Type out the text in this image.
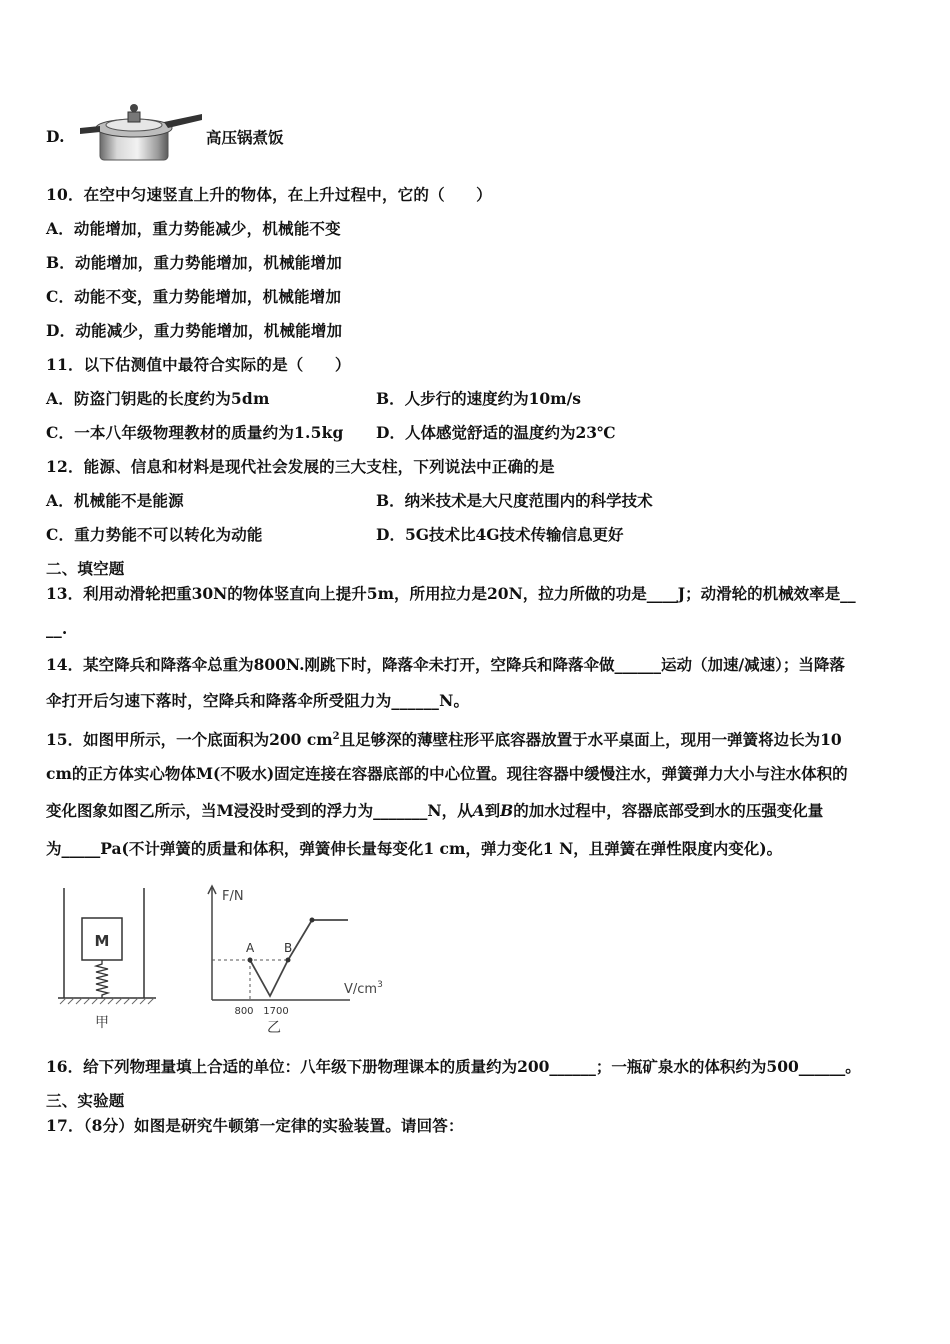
D.	高压锅煮饭
10．在空中匀速竖直上升的物体，在上升过程中，它的（　　）
A．动能增加，重力势能减少，机械能不变
B．动能增加，重力势能增加，机械能增加
C．动能不变，重力势能增加，机械能增加
D．动能减少，重力势能增加，机械能增加
11．以下估测值中最符合实际的是（　　）
A．防盗门钥匙的长度约为5dm	B．人步行的速度约为10m/s
C．一本八年级物理教材的质量约为1.5kg D．人体感觉舒适的温度约为23℃
12．能源、信息和材料是现代社会发展的三大支柱，下列说法中正确的是
A．机械能不是能源	B．纳米技术是大尺度范围内的科学技术
C．重力势能不可以转化为动能	D．5G技术比4G技术传输信息更好
二、填空题
13．利用动滑轮把重30N的物体竖直向上提升5m，所用拉力是20N，拉力所做的功是____J；动滑轮的机械效率是__
__.
14．某空降兵和降落伞总重为800N.刚跳下时，降落伞未打开，空降兵和降落伞做______运动（加速/减速）；当降落
伞打开后匀速下落时，空降兵和降落伞所受阻力为______N。
15．如图甲所示，一个底面积为200 $cm^2$且足够深的薄壁柱形平底容器放置于水平桌面上，现用一弹簧将边长为10
cm的正方体实心物体M(不吸水)固定连接在容器底部的中心位置。现往容器中缓慢注水，弹簧弹力大小与注水体积的
变化图象如图乙所示，当M浸没时受到的浮力为_______N，从A到B的加水过程中，容器底部受到水的压强变化量
为_____Pa(不计弹簧的质量和体积，弹簧伸长量每变化1 cm，弹力变化1 N，且弹簧在弹性限度内变化)。
M
甲
F/N
$V/cm^3$
A B
800 1700
乙
16．给下列物理量填上合适的单位：八年级下册物理课本的质量约为200______；一瓶矿泉水的体积约为500______。
三、实验题
17．（8分）如图是研究牛顿第一定律的实验装置。请回答：
